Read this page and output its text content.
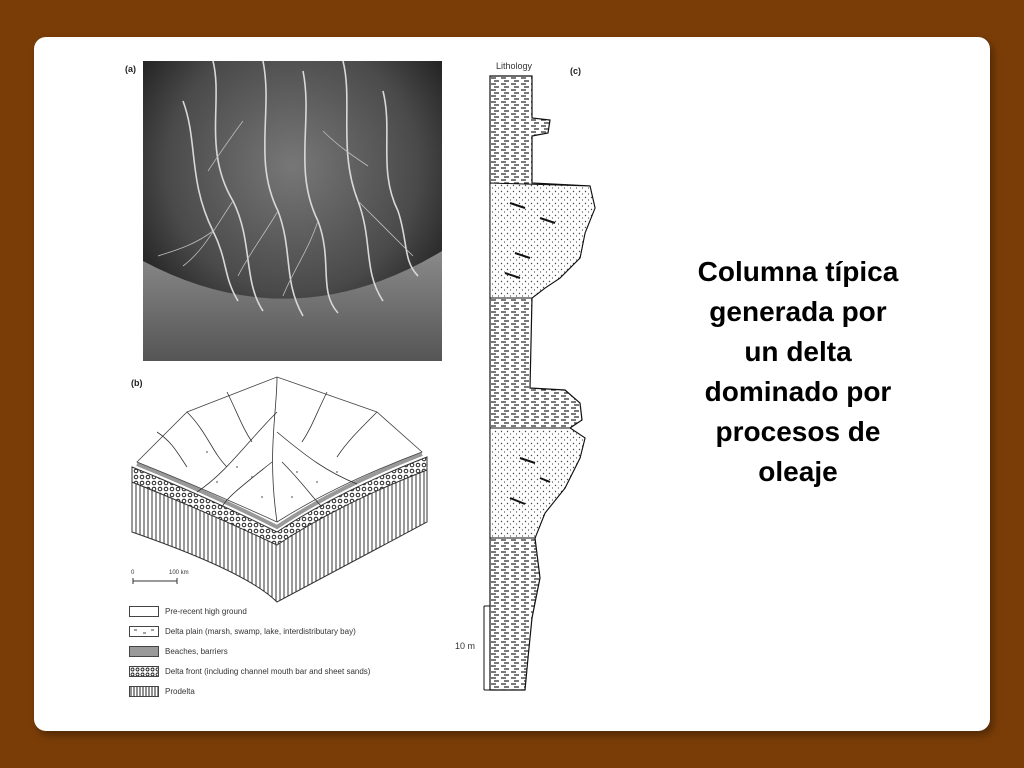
(a)
(b)
0	100 km
Pre-recent high ground
Delta plain (marsh, swamp, lake, interdistributary bay)
Beaches, barriers
Delta front (including channel mouth bar and sheet sands)
Prodelta
Lithology	(c)
10 m
Columna típica
generada por
un delta
dominado por
procesos de
oleaje
